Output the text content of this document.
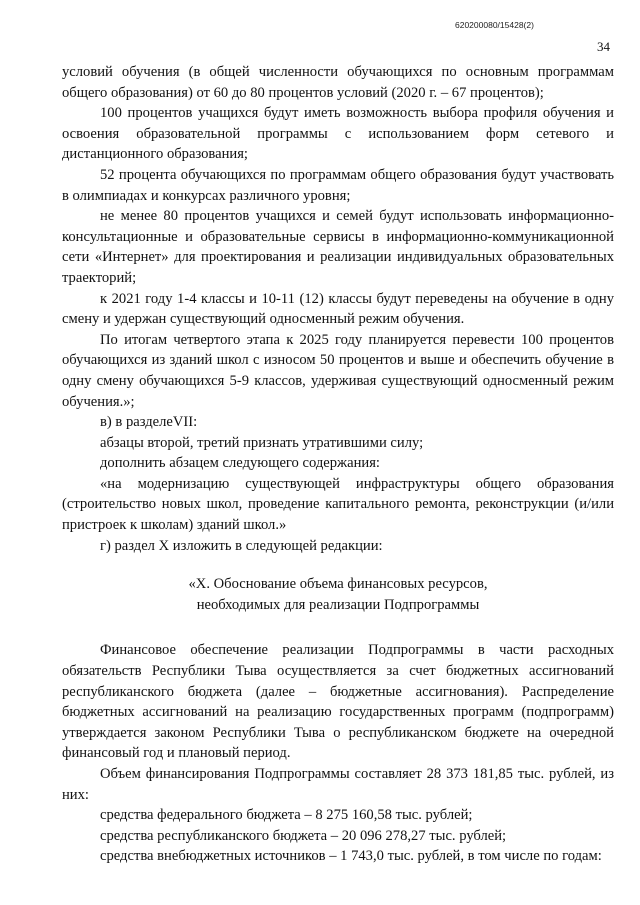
620200080/15428(2)
34

условий обучения (в общей численности обучающихся по основным программам общего образования) от 60 до 80 процентов условий (2020 г. – 67 процентов);

100 процентов учащихся будут иметь возможность выбора профиля обучения и освоения образовательной программы с использованием форм сетевого и дистанционного образования;

52 процента обучающихся по программам общего образования будут участвовать в олимпиадах и конкурсах различного уровня;

не менее 80 процентов учащихся и семей будут использовать информационно-консультационные и образовательные сервисы в информационно-коммуникационной сети «Интернет» для проектирования и реализации индивидуальных образовательных траекторий;

к 2021 году 1-4 классы и 10-11 (12) классы будут переведены на обучение в одну смену и удержан существующий односменный режим обучения.

По итогам четвертого этапа к 2025 году планируется перевести 100 процентов обучающихся из зданий школ с износом 50 процентов и выше и обеспечить обучение в одну смену обучающихся 5-9 классов, удерживая существующий односменный режим обучения.»;

в) в разделеVII:

абзацы второй, третий признать утратившими силу;

дополнить абзацем следующего содержания:

«на модернизацию существующей инфраструктуры общего образования (строительство новых школ, проведение капитального ремонта, реконструкции (и/или пристроек к школам) зданий школ.»

г) раздел Х изложить в следующей редакции:

«X. Обоснование объема финансовых ресурсов,
необходимых для реализации Подпрограммы

Финансовое обеспечение реализации Подпрограммы в части расходных обязательств Республики Тыва осуществляется за счет бюджетных ассигнований республиканского бюджета (далее – бюджетные ассигнования). Распределение бюджетных ассигнований на реализацию государственных программ (подпрограмм) утверждается законом Республики Тыва о республиканском бюджете на очередной финансовый год и плановый период.

Объем финансирования Подпрограммы составляет 28 373 181,85 тыс. рублей, из них:

средства федерального бюджета – 8 275 160,58 тыс. рублей;

средства республиканского бюджета – 20 096 278,27 тыс. рублей;

средства внебюджетных источников – 1 743,0 тыс. рублей, в том числе по годам:
